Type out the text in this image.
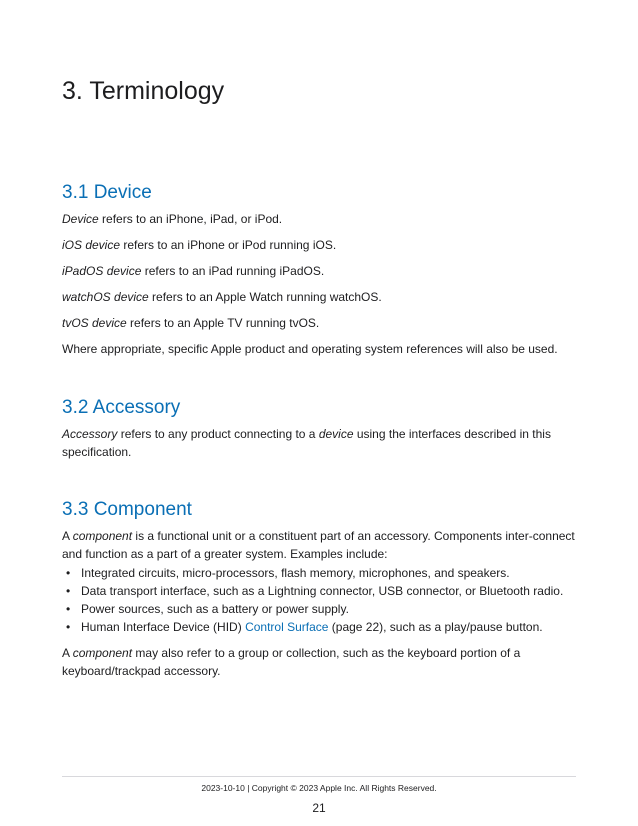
3. Terminology
3.1 Device

Device refers to an iPhone, iPad, or iPod.

iOS device refers to an iPhone or iPod running iOS.

iPadOS device refers to an iPad running iPadOS.

watchOS device refers to an Apple Watch running watchOS.

tvOS device refers to an Apple TV running tvOS.

Where appropriate, specific Apple product and operating system references will also be used.

3.2 Accessory

Accessory refers to any product connecting to a device using the interfaces described in this specification.

3.3 Component

A component is a functional unit or a constituent part of an accessory. Components inter-connect and function as a part of a greater system. Examples include:

• Integrated circuits, micro-processors, flash memory, microphones, and speakers.
• Data transport interface, such as a Lightning connector, USB connector, or Bluetooth radio.
• Power sources, such as a battery or power supply.
• Human Interface Device (HID) Control Surface (page 22), such as a play/pause button.

A component may also refer to a group or collection, such as the keyboard portion of a keyboard/trackpad accessory.

2023-10-10 | Copyright © 2023 Apple Inc. All Rights Reserved.
21
